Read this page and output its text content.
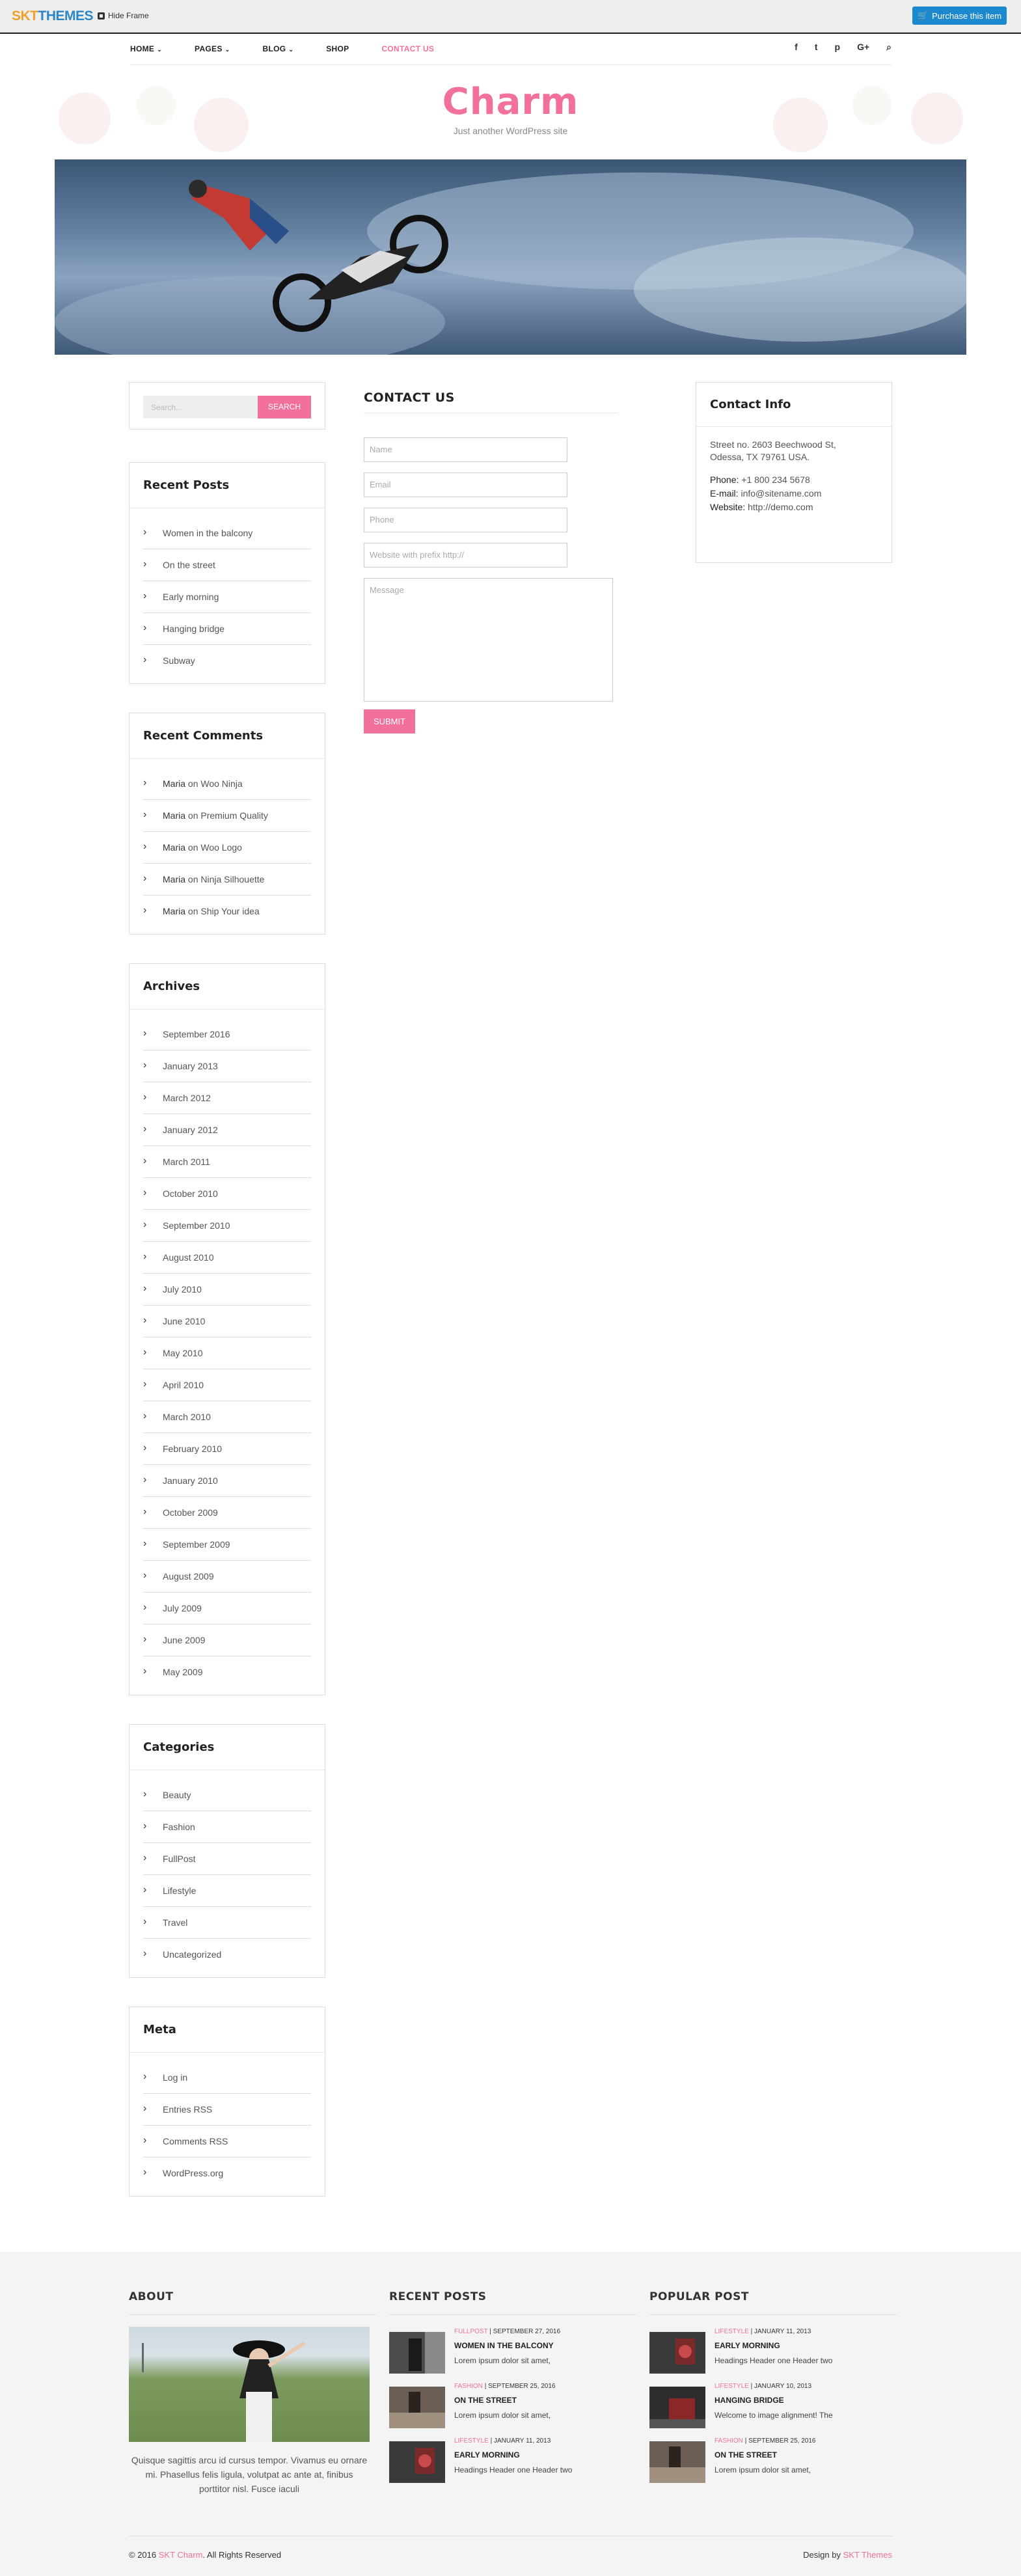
SKTTHEMES Hide Frame	🛒 Purchase this item
HOME ⌄	PAGES ⌄	BLOG ⌄	SHOP	CONTACT US	f t p G+ ⌕
Charm
Just another WordPress site
Search...	SEARCH
Recent Posts
› Women in the balcony
› On the street
› Early morning
› Hanging bridge
› Subway
Recent Comments
› Maria on Woo Ninja
› Maria on Premium Quality
› Maria on Woo Logo
› Maria on Ninja Silhouette
› Maria on Ship Your idea
Archives
› September 2016
› January 2013
› March 2012
› January 2012
› March 2011
› October 2010
› September 2010
› August 2010
› July 2010
› June 2010
› May 2010
› April 2010
› March 2010
› February 2010
› January 2010
› October 2009
› September 2009
› August 2009
› July 2009
› June 2009
› May 2009
Categories
› Beauty
› Fashion
› FullPost
› Lifestyle
› Travel
› Uncategorized
Meta
› Log in
› Entries RSS
› Comments RSS
› WordPress.org
CONTACT US
Name
Email
Phone
Website with prefix http://
Message
SUBMIT
Contact Info

Street no. 2603 Beechwood St,
Odessa, TX 79761 USA.

Phone: +1 800 234 5678

E-mail: info@sitename.com

Website: http://demo.com

ABOUT
Quisque sagittis arcu id cursus tempor. Vivamus eu ornare mi. Phasellus felis ligula, volutpat ac ante at, finibus porttitor nisl. Fusce iaculi
RECENT POSTS
FULLPOST | SEPTEMBER 27, 2016
WOMEN IN THE BALCONY
Lorem ipsum dolor sit amet,
FASHION | SEPTEMBER 25, 2016
ON THE STREET
Lorem ipsum dolor sit amet,
LIFESTYLE | JANUARY 11, 2013
EARLY MORNING
Headings Header one Header two
POPULAR POST
LIFESTYLE | JANUARY 11, 2013
EARLY MORNING
Headings Header one Header two
LIFESTYLE | JANUARY 10, 2013
HANGING BRIDGE
Welcome to image alignment! The
FASHION | SEPTEMBER 25, 2016
ON THE STREET
Lorem ipsum dolor sit amet,
© 2016 SKT Charm. All Rights Reserved	Design by SKT Themes
